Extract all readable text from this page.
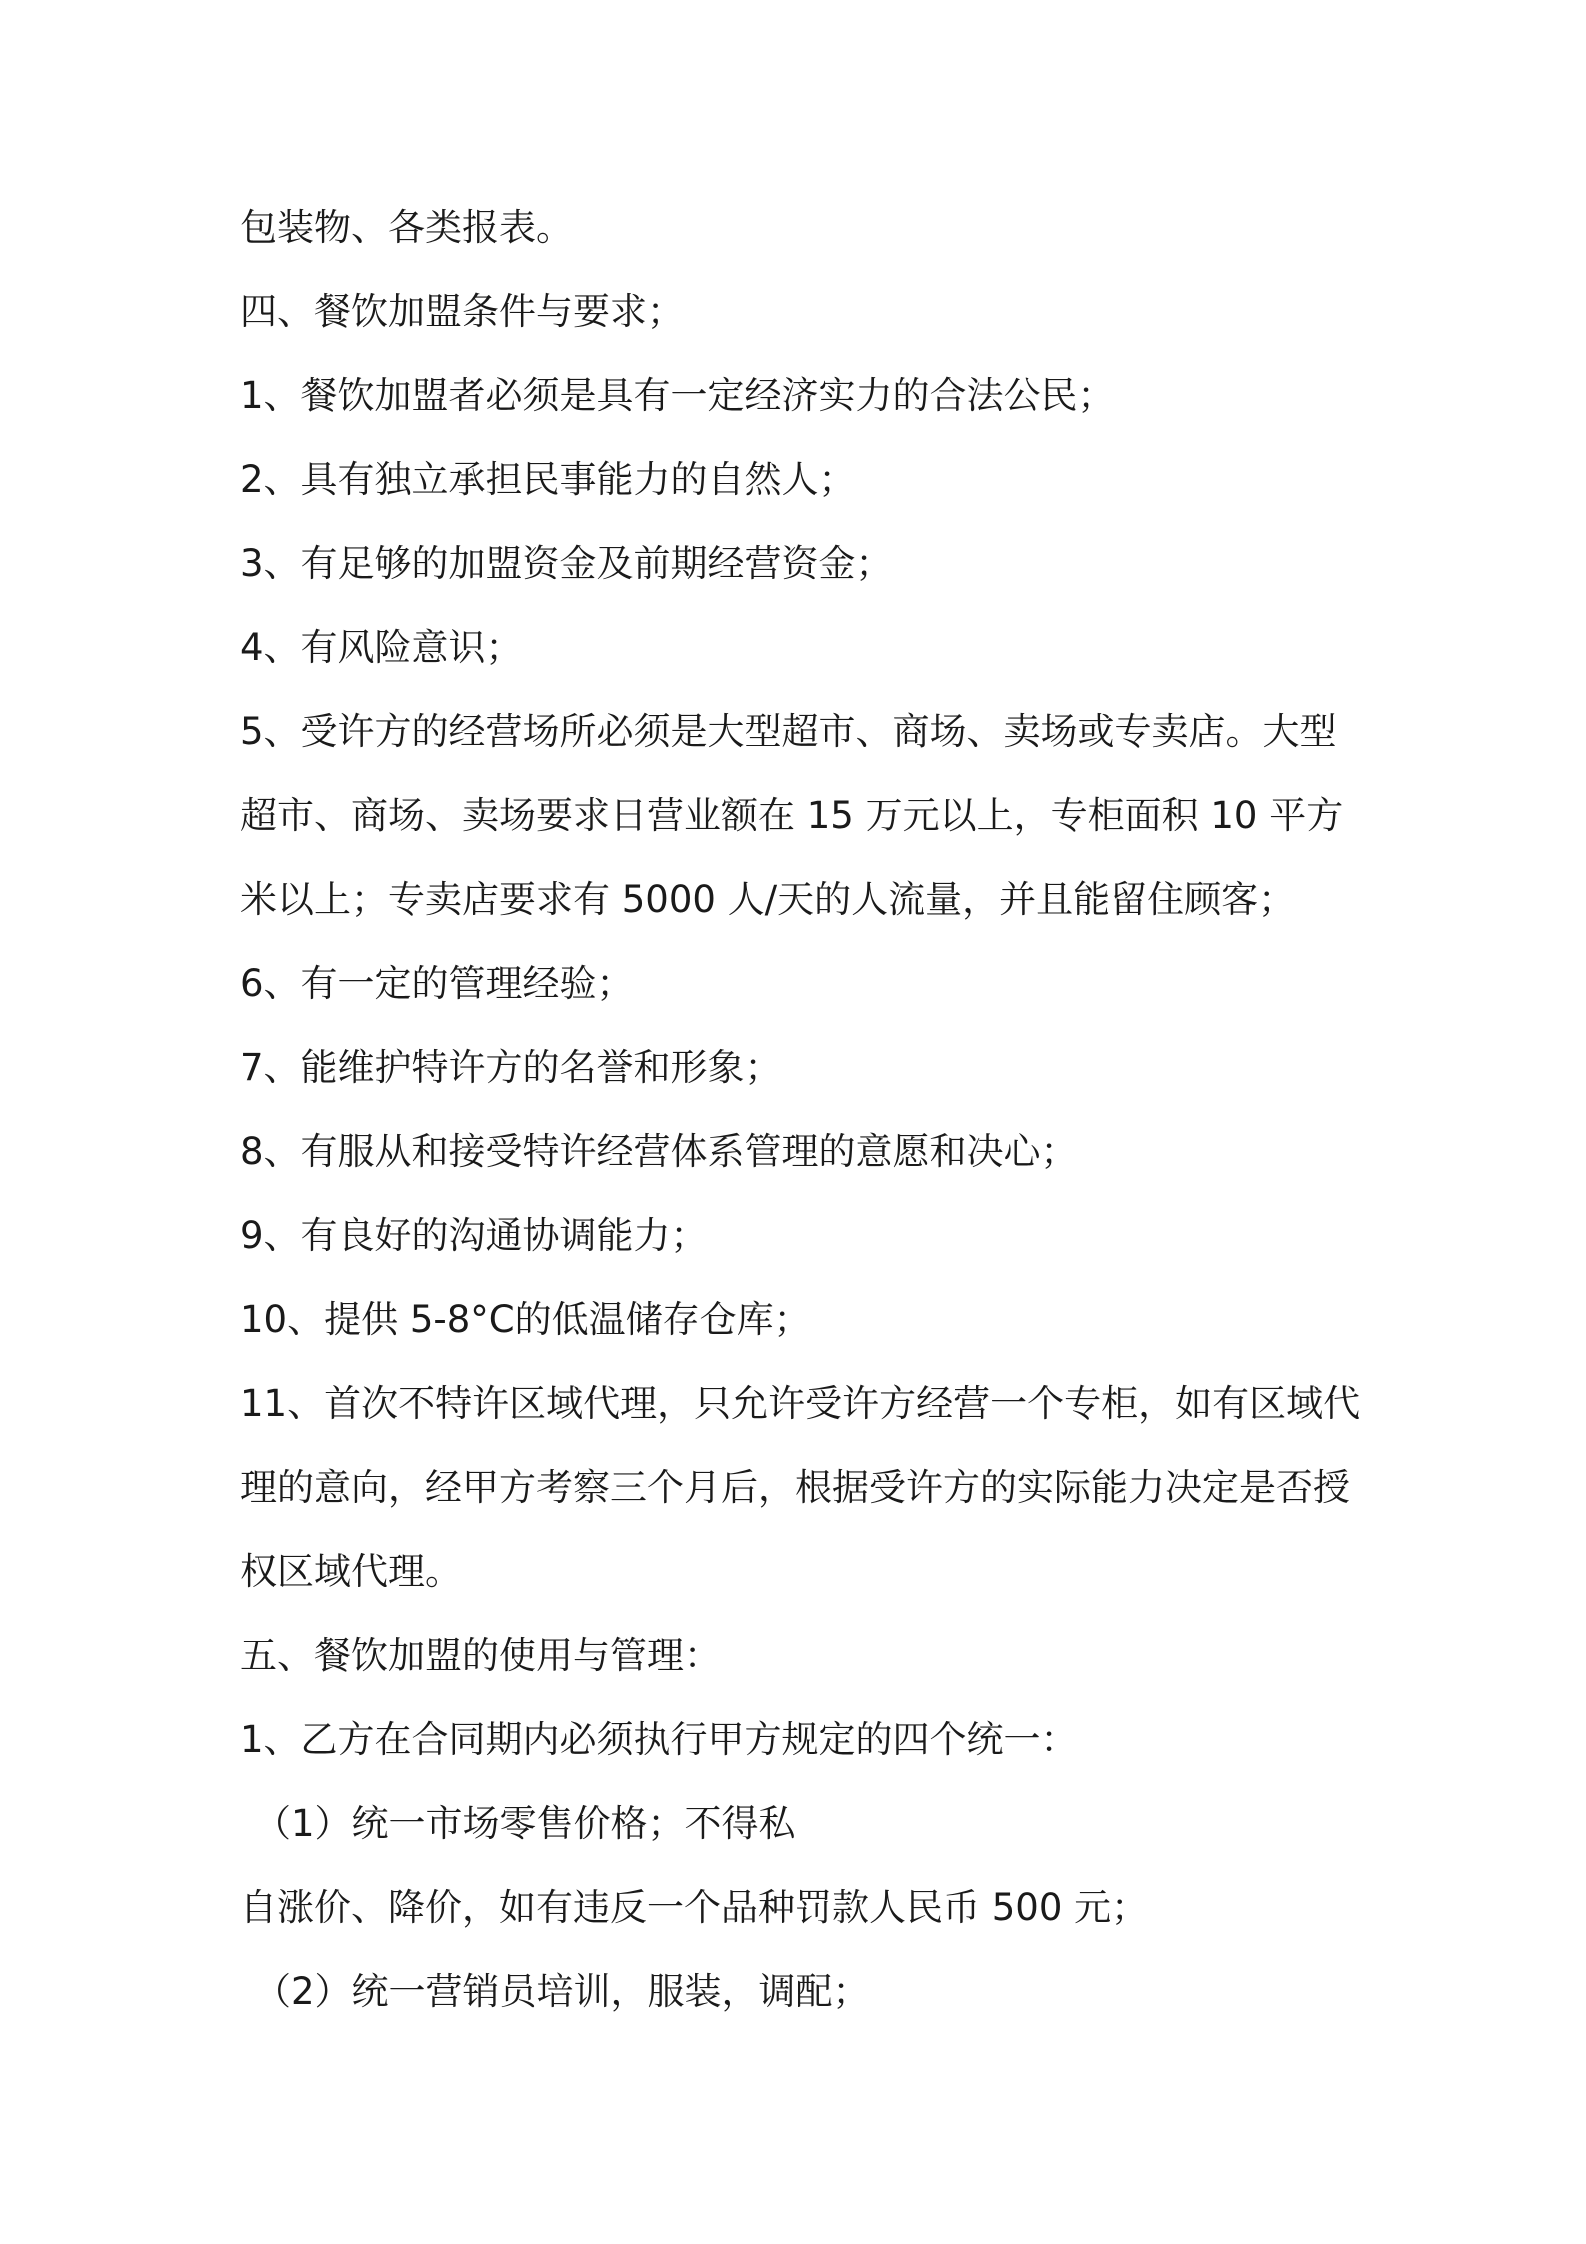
包装物、各类报表。
四、餐饮加盟条件与要求；
1、餐饮加盟者必须是具有一定经济实力的合法公民；
2、具有独立承担民事能力的自然人；
3、有足够的加盟资金及前期经营资金；
4、有风险意识；
5、受许方的经营场所必须是大型超市、商场、卖场或专卖店。大型
超市、商场、卖场要求日营业额在 15 万元以上，专柜面积 10 平方
米以上；专卖店要求有 5000 人/天的人流量，并且能留住顾客；
6、有一定的管理经验；
7、能维护特许方的名誉和形象；
8、有服从和接受特许经营体系管理的意愿和决心；
9、有良好的沟通协调能力；
10、提供 5-8°C的低温储存仓库；
11、首次不特许区域代理，只允许受许方经营一个专柜，如有区域代
理的意向，经甲方考察三个月后，根据受许方的实际能力决定是否授
权区域代理。
五、餐饮加盟的使用与管理：
1、乙方在合同期内必须执行甲方规定的四个统一：
（1）统一市场零售价格；不得私
自涨价、降价，如有违反一个品种罚款人民币 500 元；
（2）统一营销员培训，服装，调配；
